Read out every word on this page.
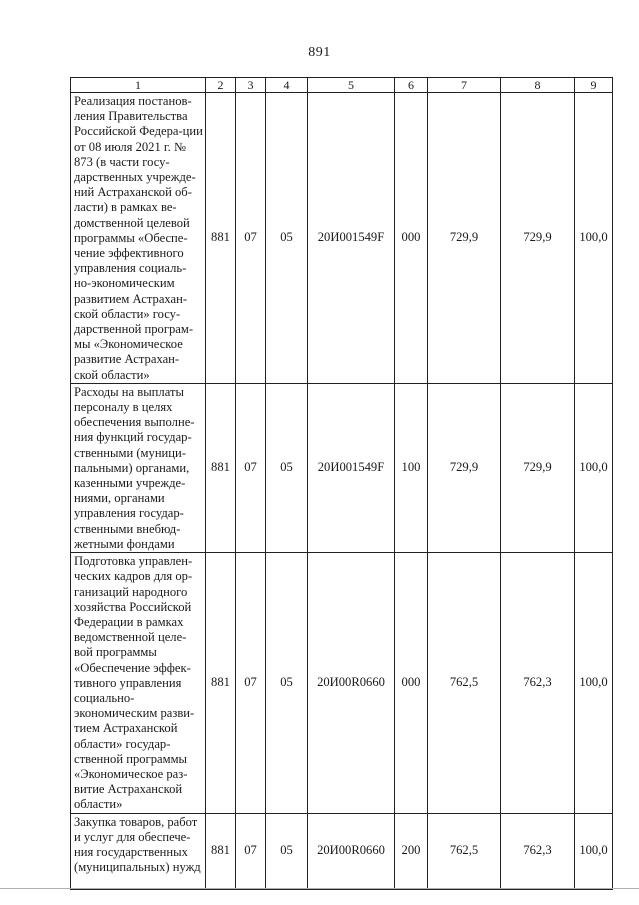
891
1	2	3	4	5	6	7	8	9
Реализация постанов-ления Правительства Российской Федера-ции от 08 июля 2021 г. № 873 (в части госу-дарственных учрежде-ний Астраханской об-ласти) в рамках ве-домственной целевой программы «Обеспе-чение эффективного управления социаль-но-экономическим развитием Астрахан-ской области» госу-дарственной програм-мы «Экономическое развитие Астрахан-ской области»	881	07	05	20И001549F	000	729,9	729,9	100,0
Расходы на выплаты персоналу в целях обеспечения выполне-ния функций государ-ственными (муници-пальными) органами, казенными учрежде-ниями, органами управления государ-ственными внебюд-жетными фондами	881	07	05	20И001549F	100	729,9	729,9	100,0
Подготовка управлен-ческих кадров для ор-ганизаций народного хозяйства Российской Федерации в рамках ведомственной целе-вой программы «Обеспечение эффек-тивного управления социально-экономическим разви-тием Астраханской области» государ-ственной программы «Экономическое раз-витие Астраханской области»	881	07	05	20И00R0660	000	762,5	762,3	100,0
Закупка товаров, работ и услуг для обеспече-ния государственных (муниципальных) нужд	881	07	05	20И00R0660	200	762,5	762,3	100,0
